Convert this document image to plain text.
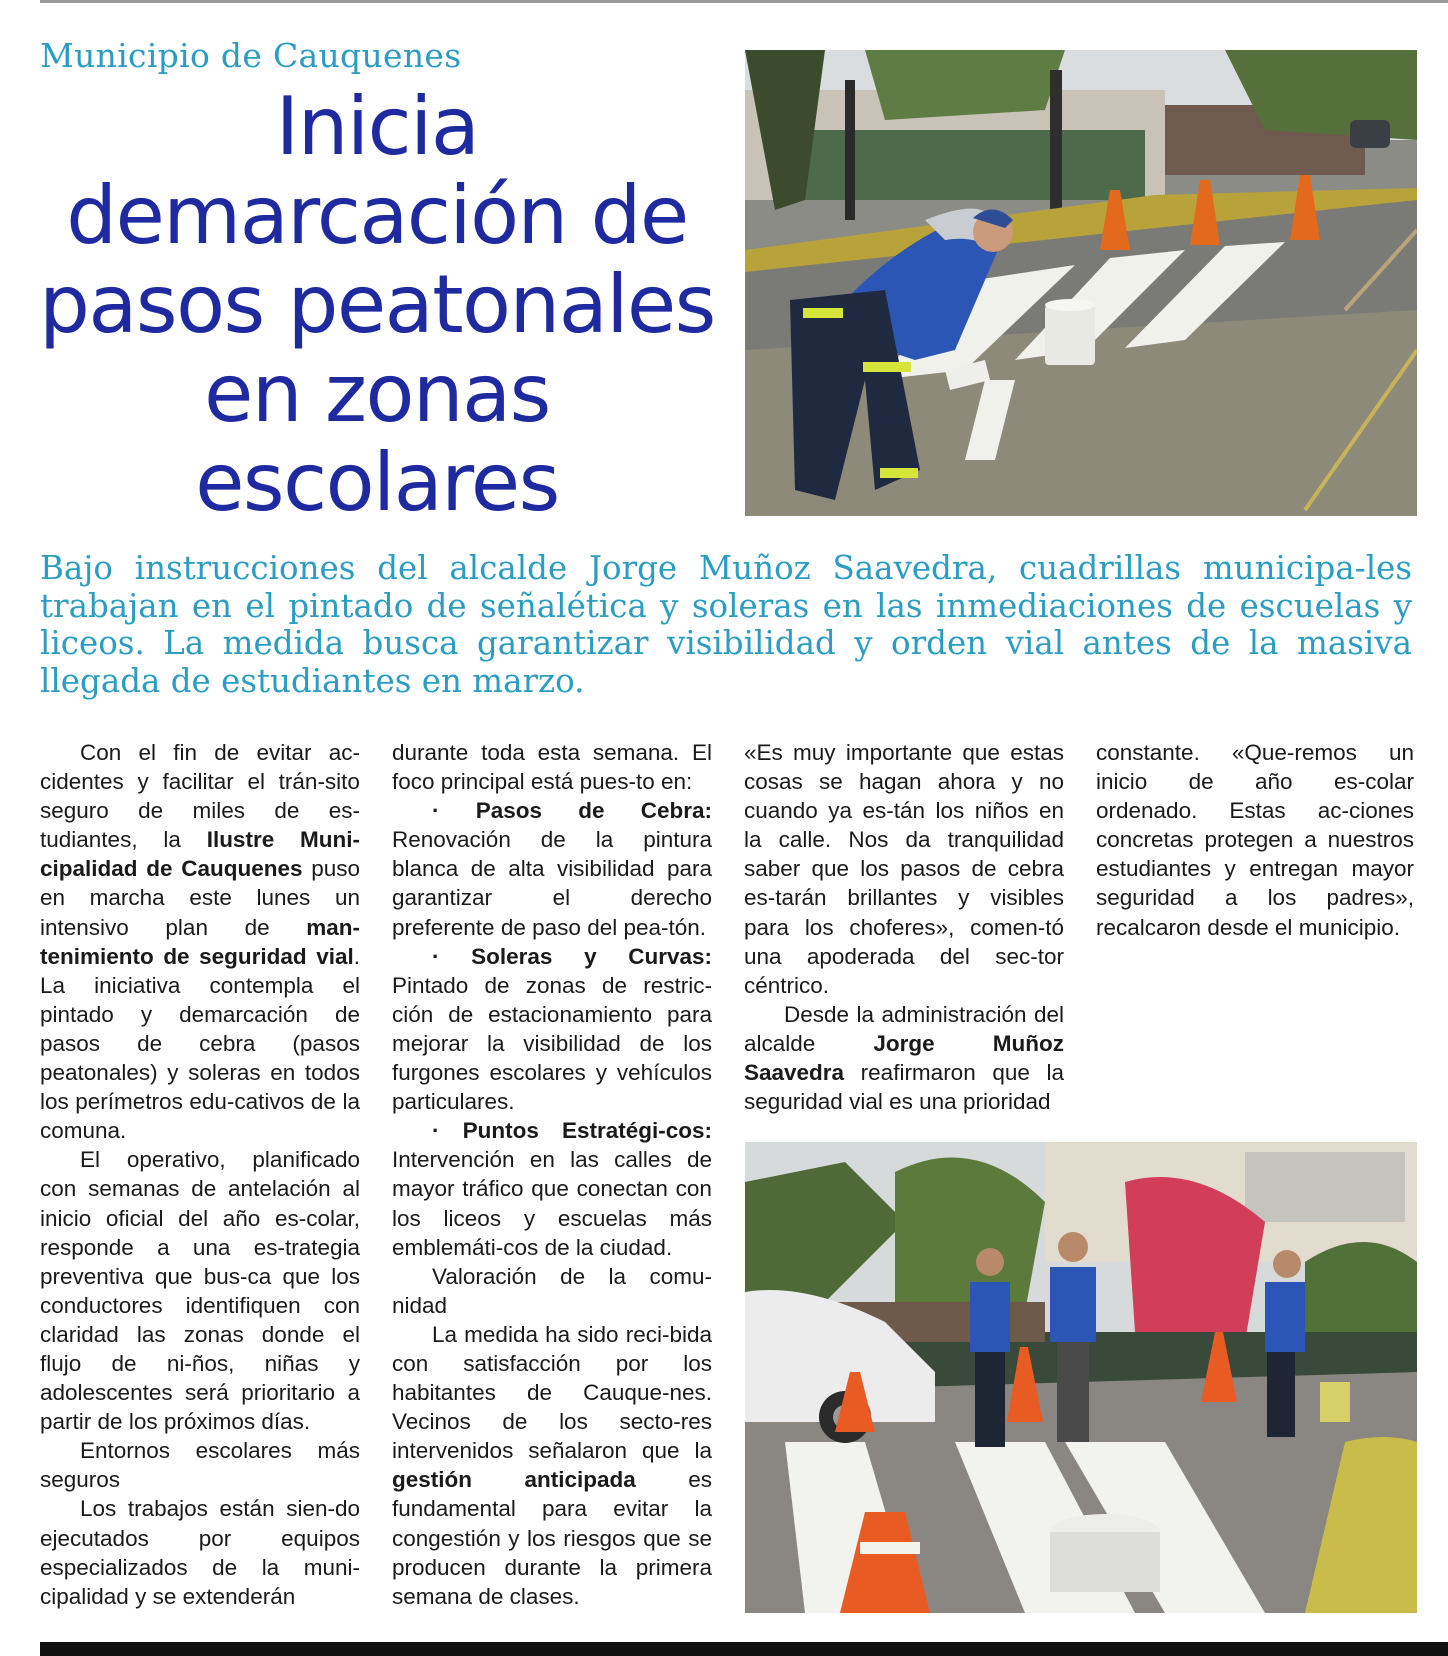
Municipio de Cauquenes
Inicia demarcación de pasos peatonales en zonas escolares

Bajo instrucciones del alcalde Jorge Muñoz Saavedra, cuadrillas municipa-les trabajan en el pintado de señalética y soleras en las inmediaciones de escuelas y liceos. La medida busca garantizar visibilidad y orden vial antes de la masiva llegada de estudiantes en marzo.

Con el fin de evitar ac-cidentes y facilitar el trán-sito seguro de miles de es-tudiantes, la Ilustre Muni-cipalidad de Cauquenes puso en marcha este lunes un intensivo plan de man-tenimiento de seguridad vial. La iniciativa contempla el pintado y demarcación de pasos de cebra (pasos peatonales) y soleras en todos los perímetros edu-cativos de la comuna.

El operativo, planificado con semanas de antelación al inicio oficial del año es-colar, responde a una es-trategia preventiva que bus-ca que los conductores identifiquen con claridad las zonas donde el flujo de ni-ños, niñas y adolescentes será prioritario a partir de los próximos días.

Entornos escolares más seguros

Los trabajos están sien-do ejecutados por equipos especializados de la muni-cipalidad y se extenderán

durante toda esta semana. El foco principal está pues-to en:

· Pasos de Cebra: Renovación de la pintura blanca de alta visibilidad para garantizar	el	derecho preferente de paso del pea-tón.

· Soleras y Curvas: Pintado de zonas de restric-ción de estacionamiento para mejorar la visibilidad de los furgones escolares y vehículos particulares.

· Puntos Estratégi-cos: Intervención en las calles de mayor tráfico que conectan con los liceos y escuelas más emblemáti-cos de la ciudad.

Valoración de la comu-nidad

La medida ha sido reci-bida con satisfacción por los habitantes de Cauque-nes. Vecinos de los secto-res intervenidos señalaron que la gestión anticipada es fundamental para evitar la congestión y los riesgos que se producen durante la primera semana de clases.

«Es muy importante que estas cosas se hagan ahora y no cuando ya es-tán los niños en la calle. Nos da tranquilidad saber que los pasos de cebra es-tarán brillantes y visibles para los choferes», comen-tó una apoderada del sec-tor céntrico.

Desde la administración del alcalde	Jorge	Muñoz Saavedra reafirmaron que la seguridad vial es una prioridad

constante. «Que-remos un inicio de año es-colar ordenado. Estas ac-ciones concretas protegen a nuestros estudiantes y entregan mayor seguridad a los padres», recalcaron desde el municipio.
